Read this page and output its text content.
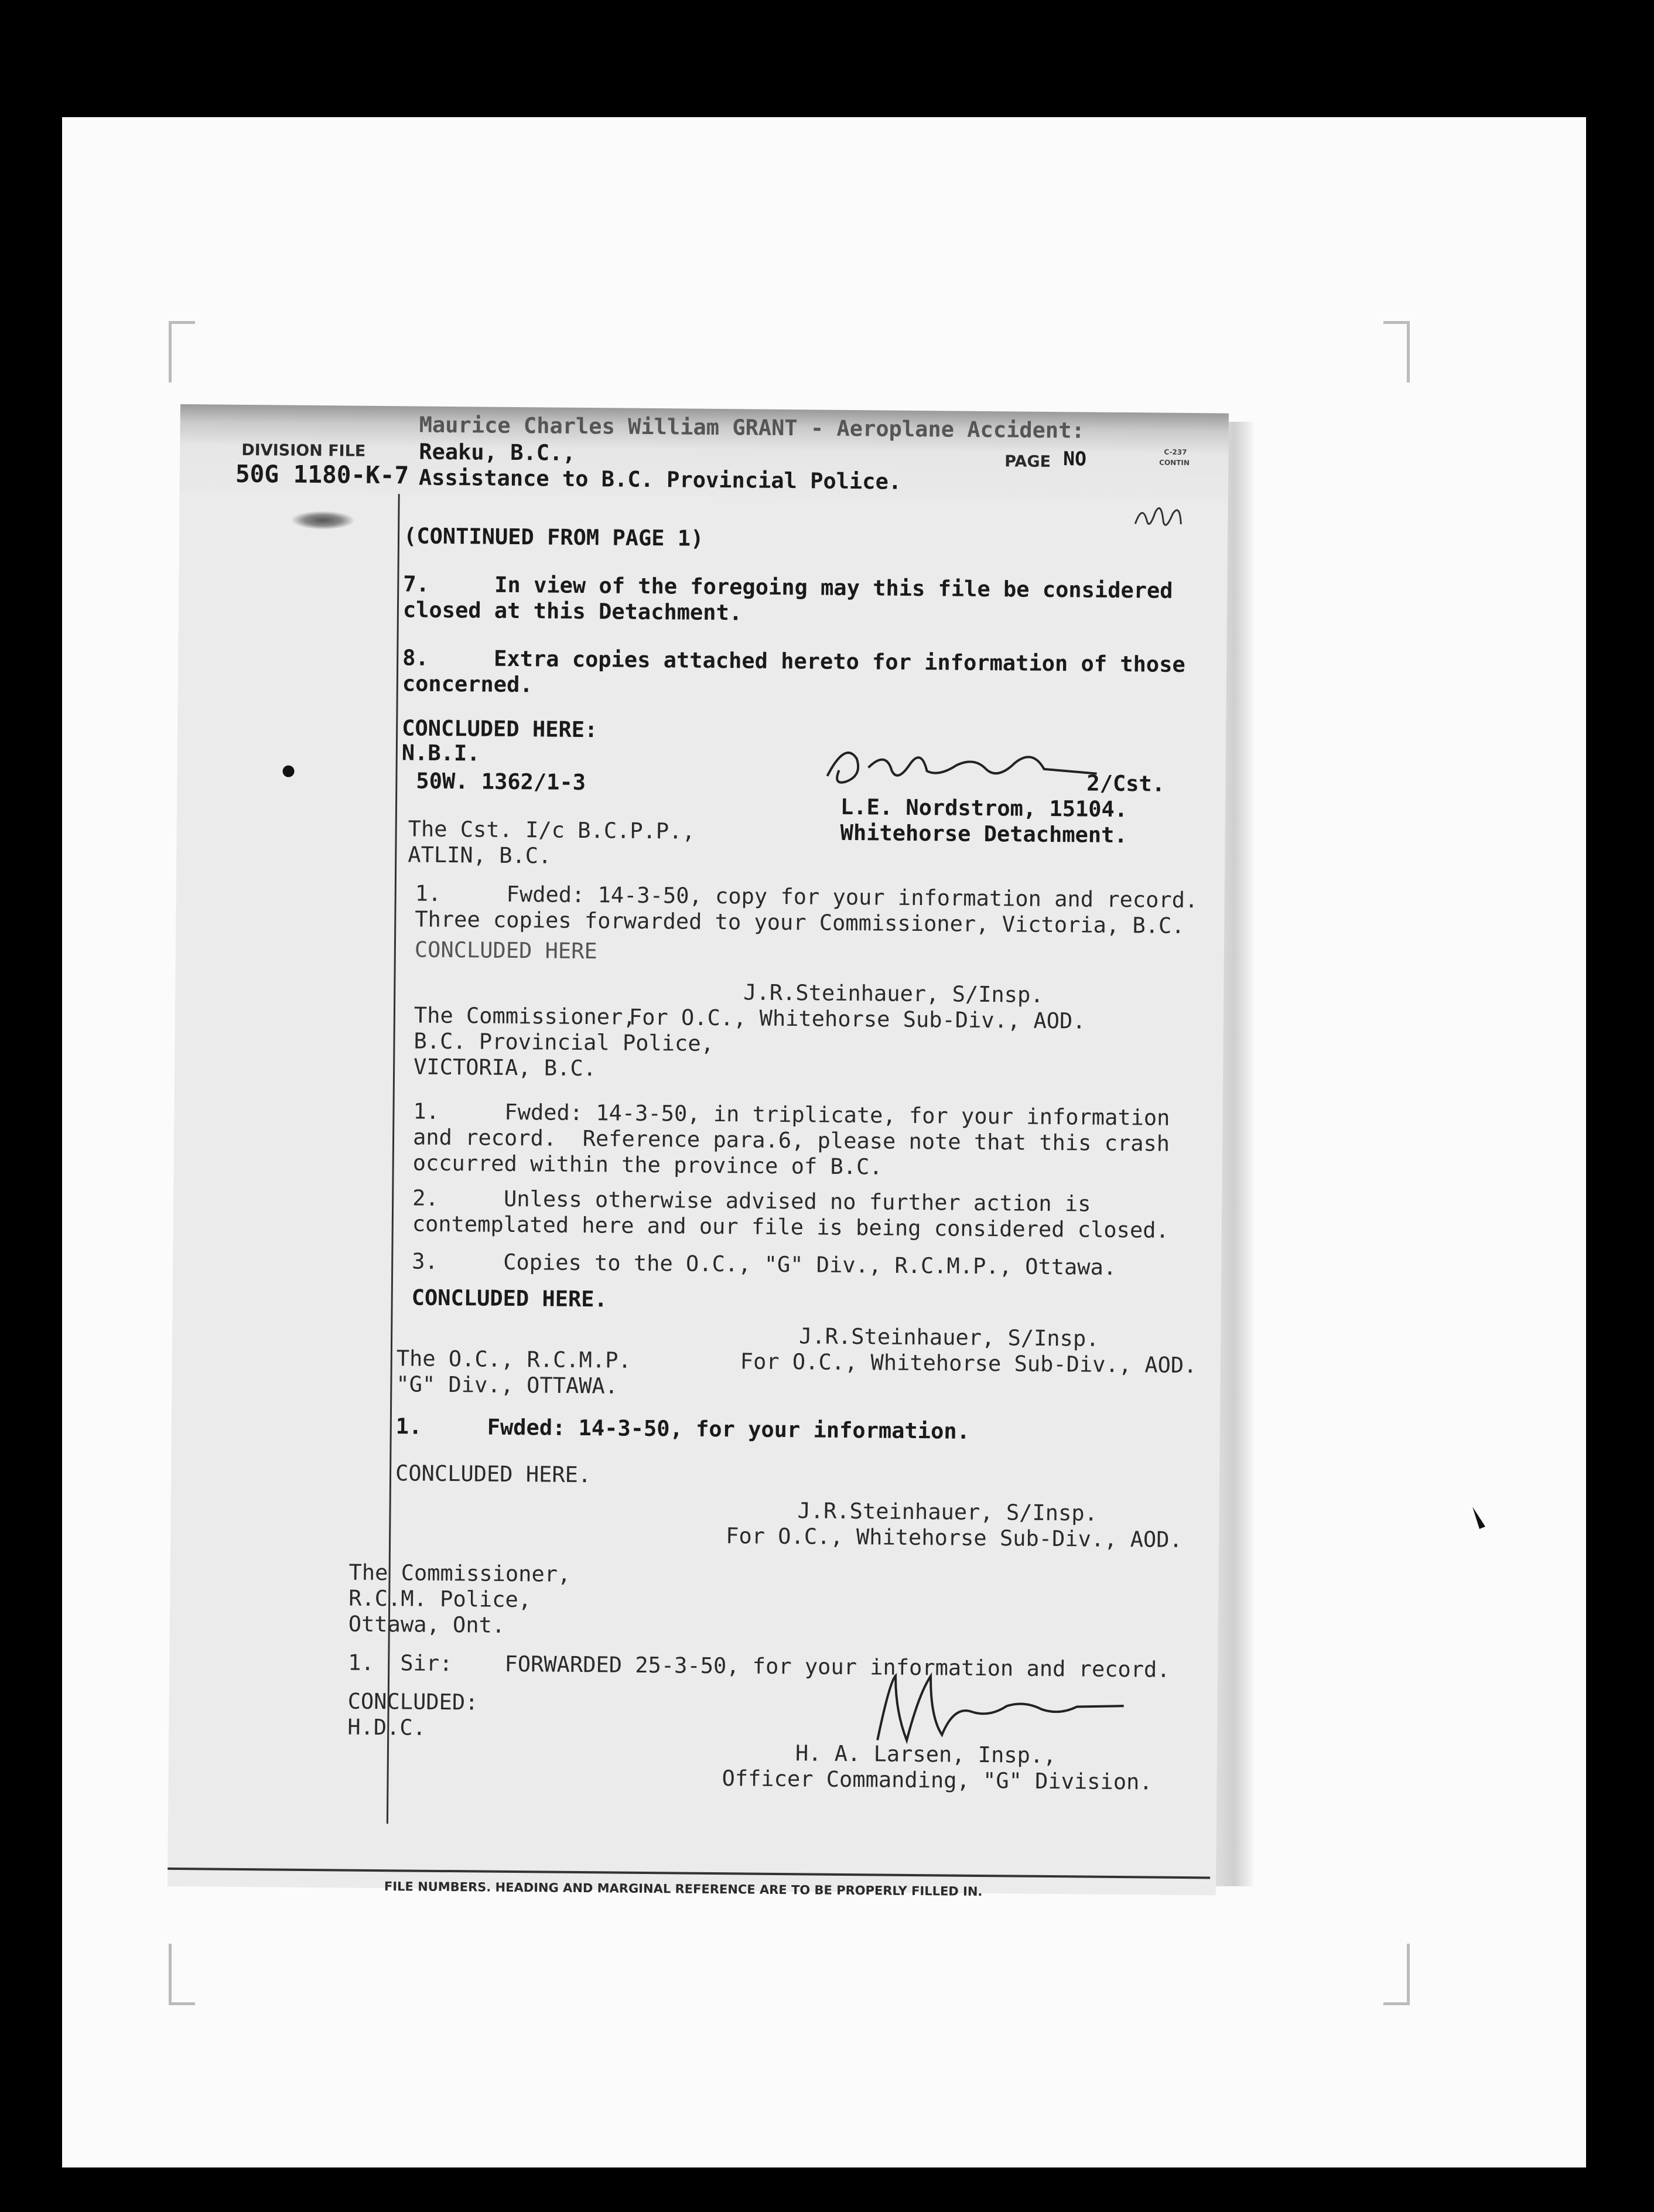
DIVISION FILE
50G 1180-K-7
Maurice Charles William GRANT - Aeroplane Accident:
Reaku, B.C.,
Assistance to B.C. Provincial Police.
PAGE NO	C-237
CONTIN
(CONTINUED FROM PAGE 1)
7.     In view of the foregoing may this file be considered
closed at this Detachment.
8.     Extra copies attached hereto for information of those
concerned.
CONCLUDED HERE:
N.B.I.
50W. 1362/1-3	2/Cst.
L.E. Nordstrom, 15104.
Whitehorse Detachment.
The Cst. I/c B.C.P.P.,
ATLIN, B.C.
1.     Fwded: 14-3-50, copy for your information and record.
Three copies forwarded to your Commissioner, Victoria, B.C.
CONCLUDED HERE
J.R.Steinhauer, S/Insp.
For O.C., Whitehorse Sub-Div., AOD.
The Commissioner,
B.C. Provincial Police,
VICTORIA, B.C.
1.     Fwded: 14-3-50, in triplicate, for your information
and record.  Reference para.6, please note that this crash
occurred within the province of B.C.
2.     Unless otherwise advised no further action is
contemplated here and our file is being considered closed.
3.     Copies to the O.C., "G" Div., R.C.M.P., Ottawa.
CONCLUDED HERE.
J.R.Steinhauer, S/Insp.
For O.C., Whitehorse Sub-Div., AOD.
The O.C., R.C.M.P.
"G" Div., OTTAWA.
1.     Fwded: 14-3-50, for your information.
CONCLUDED HERE.
J.R.Steinhauer, S/Insp.
For O.C., Whitehorse Sub-Div., AOD.
The Commissioner,
R.C.M. Police,
Ottawa, Ont.
1.  Sir:    FORWARDED 25-3-50, for your information and record.
CONCLUDED:
H.D.C.
H. A. Larsen, Insp.,
Officer Commanding, "G" Division.
FILE NUMBERS. HEADING AND MARGINAL REFERENCE ARE TO BE PROPERLY FILLED IN.
